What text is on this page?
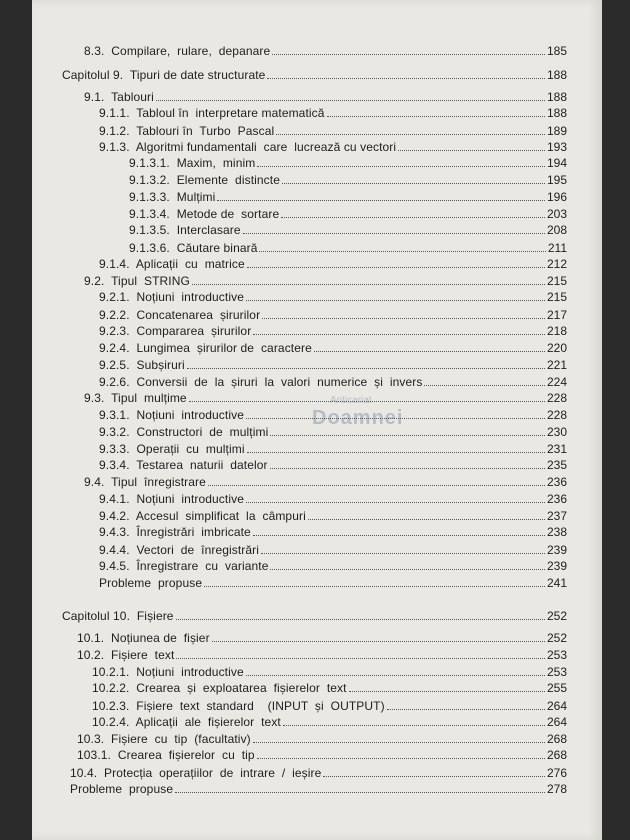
8.3.  Compilare,  rulare,  depanare	185
Capitolul 9.  Tipuri de date structurate	188
9.1.  Tablouri	188
9.1.1.  Tabloul în  interpretare matematică	188
9.1.2.  Tablouri în  Turbo  Pascal	189
9.1.3.  Algoritmi fundamentali  care  lucrează cu vectori	193
9.1.3.1.  Maxim,  minim	194
9.1.3.2.  Elemente  distincte	195
9.1.3.3.  Mulțimi	196
9.1.3.4.  Metode de  sortare	203
9.1.3.5.  Interclasare	208
9.1.3.6.  Căutare binară	211
9.1.4.  Aplicații  cu  matrice	212
9.2.  Tipul  STRING	215
9.2.1.  Noțiuni  introductive	215
9.2.2.  Concatenarea  șirurilor	217
9.2.3.  Compararea  șirurilor	218
9.2.4.  Lungimea  șirurilor de  caractere	220
9.2.5.  Subșiruri	221
9.2.6.  Conversii  de  la  șiruri  la  valori  numerice  și  invers	224
9.3.  Tipul  mulțime	228
9.3.1.  Noțiuni  introductive	228
9.3.2.  Constructori  de  mulțimi	230
9.3.3.  Operații  cu  mulțimi	231
9.3.4.  Testarea  naturii  datelor	235
9.4.  Tipul  înregistrare	236
9.4.1.  Noțiuni  introductive	236
9.4.2.  Accesul  simplificat  la  câmpuri	237
9.4.3.  Înregistrări  imbricate	238
9.4.4.  Vectori  de  înregistrări	239
9.4.5.  Înregistrare  cu  variante	239
Probleme  propuse	241
Capitolul 10.  Fișiere	252
10.1.  Noțiunea de  fișier	252
10.2.  Fișiere  text	253
10.2.1.  Noțiuni  introductive	253
10.2.2.  Crearea  și  exploatarea  fișierelor  text	255
10.2.3.  Fișiere  text  standard    (INPUT  și  OUTPUT)	264
10.2.4.  Aplicații  ale  fișierelor  text	264
10.3.  Fișiere  cu  tip  (facultativ)	268
103.1.  Crearea  fișierelor  cu  tip	268
10.4.  Protecția  operațiilor  de  intrare  /  ieșire	276
Probleme  propuse	278
Anticariat
Doamnei
